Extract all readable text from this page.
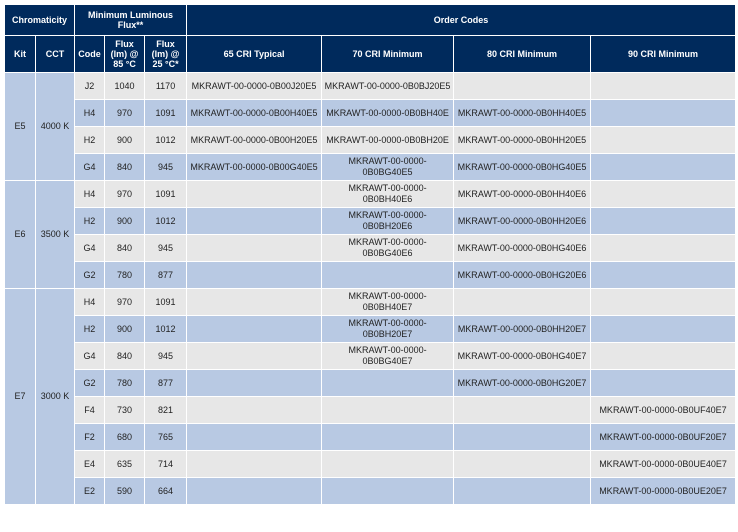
Chromaticity		Minimum Luminous Flux**			Order Codes			
Kit	CCT	Code	Flux (lm) @ 85 °C	Flux (lm) @ 25 °C*	65 CRI Typical	70 CRI Minimum	80 CRI Minimum	90 CRI Minimum
E5	4000 K	J2	1040	1170	MKRAWT-00-0000-0B00J20E5	MKRAWT-00-0000-0B0BJ20E5		
		H4	970	1091	MKRAWT-00-0000-0B00H40E5	MKRAWT-00-0000-0B0BH40E	MKRAWT-00-0000-0B0HH40E5	
		H2	900	1012	MKRAWT-00-0000-0B00H20E5	MKRAWT-00-0000-0B0BH20E	MKRAWT-00-0000-0B0HH20E5	
		G4	840	945	MKRAWT-00-0000-0B00G40E5	MKRAWT-00-0000-0B0BG40E5	MKRAWT-00-0000-0B0HG40E5	
E6	3500 K	H4	970	1091		MKRAWT-00-0000-0B0BH40E6	MKRAWT-00-0000-0B0HH40E6	
		H2	900	1012		MKRAWT-00-0000-0B0BH20E6	MKRAWT-00-0000-0B0HH20E6	
		G4	840	945		MKRAWT-00-0000-0B0BG40E6	MKRAWT-00-0000-0B0HG40E6	
		G2	780	877			MKRAWT-00-0000-0B0HG20E6	
E7	3000 K	H4	970	1091		MKRAWT-00-0000-0B0BH40E7		
		H2	900	1012		MKRAWT-00-0000-0B0BH20E7	MKRAWT-00-0000-0B0HH20E7	
		G4	840	945		MKRAWT-00-0000-0B0BG40E7	MKRAWT-00-0000-0B0HG40E7	
		G2	780	877			MKRAWT-00-0000-0B0HG20E7	
		F4	730	821				MKRAWT-00-0000-0B0UF40E7
		F2	680	765				MKRAWT-00-0000-0B0UF20E7
		E4	635	714				MKRAWT-00-0000-0B0UE40E7
		E2	590	664				MKRAWT-00-0000-0B0UE20E7
